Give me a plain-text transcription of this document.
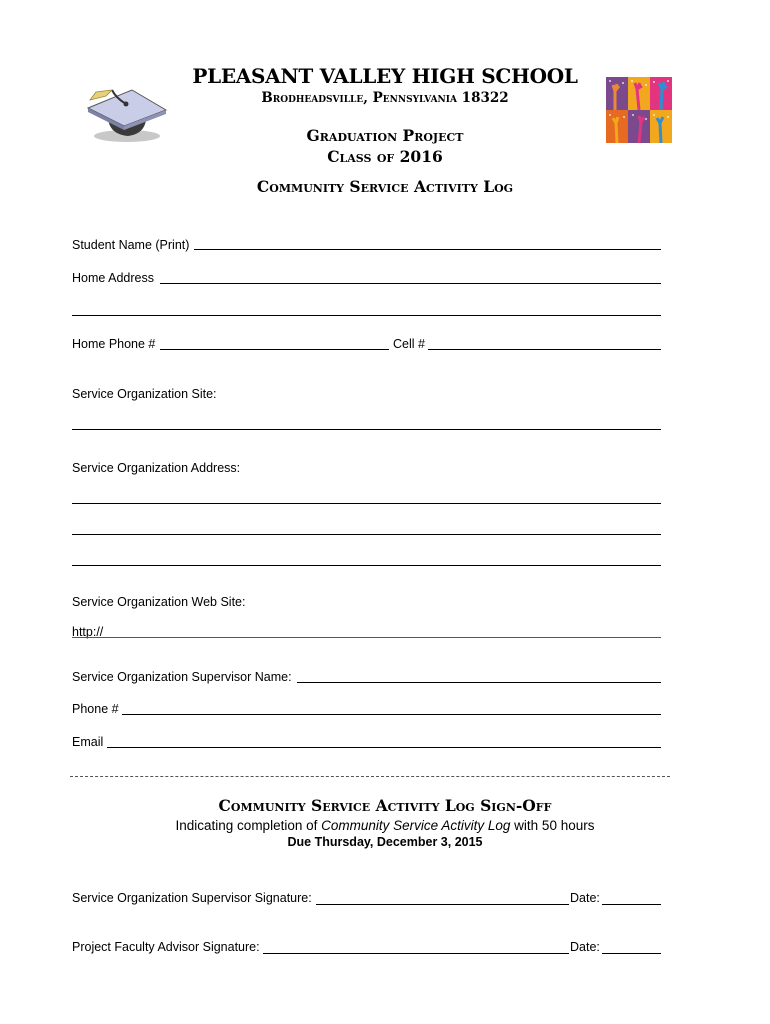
PLEASANT VALLEY HIGH SCHOOL
Brodheadsville, Pennsylvania 18322
Graduation Project
Class of 2016
Community Service Activity Log
Student Name (Print)
Home Address
Home Phone #	Cell #
Service Organization Site:
Service Organization Address:
Service Organization Web Site:
http://
Service Organization Supervisor Name:
Phone #
Email
Community Service Activity Log Sign-Off
Indicating completion of Community Service Activity Log with 50 hours
Due Thursday, December 3, 2015
Service Organization Supervisor Signature:	Date:
Project Faculty Advisor Signature:	Date:
